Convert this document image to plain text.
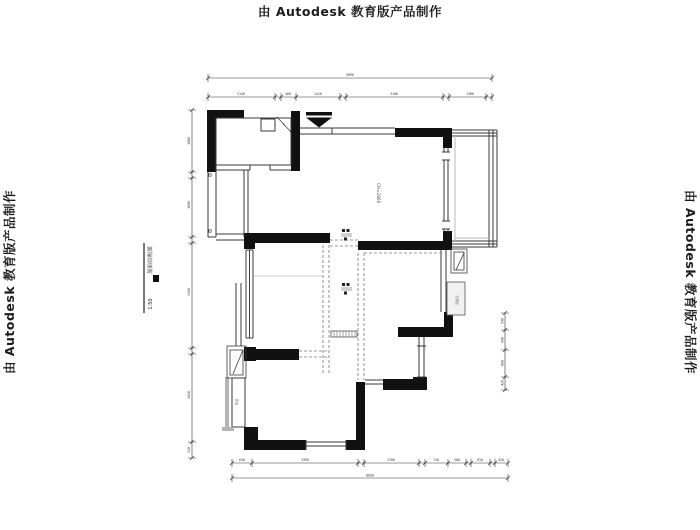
由 Autodesk 教育版产品制作
由 Autodesk 教育版产品制作	由 Autodesk 教育版产品制作
空调位
CH=2860
烟道
9090
2140	480	1410	3100	1380
1980
1890
3360
2820
510
640	3390	1760	740	580	610	420
8830
540
640
860
420
原始结构图
1:50
